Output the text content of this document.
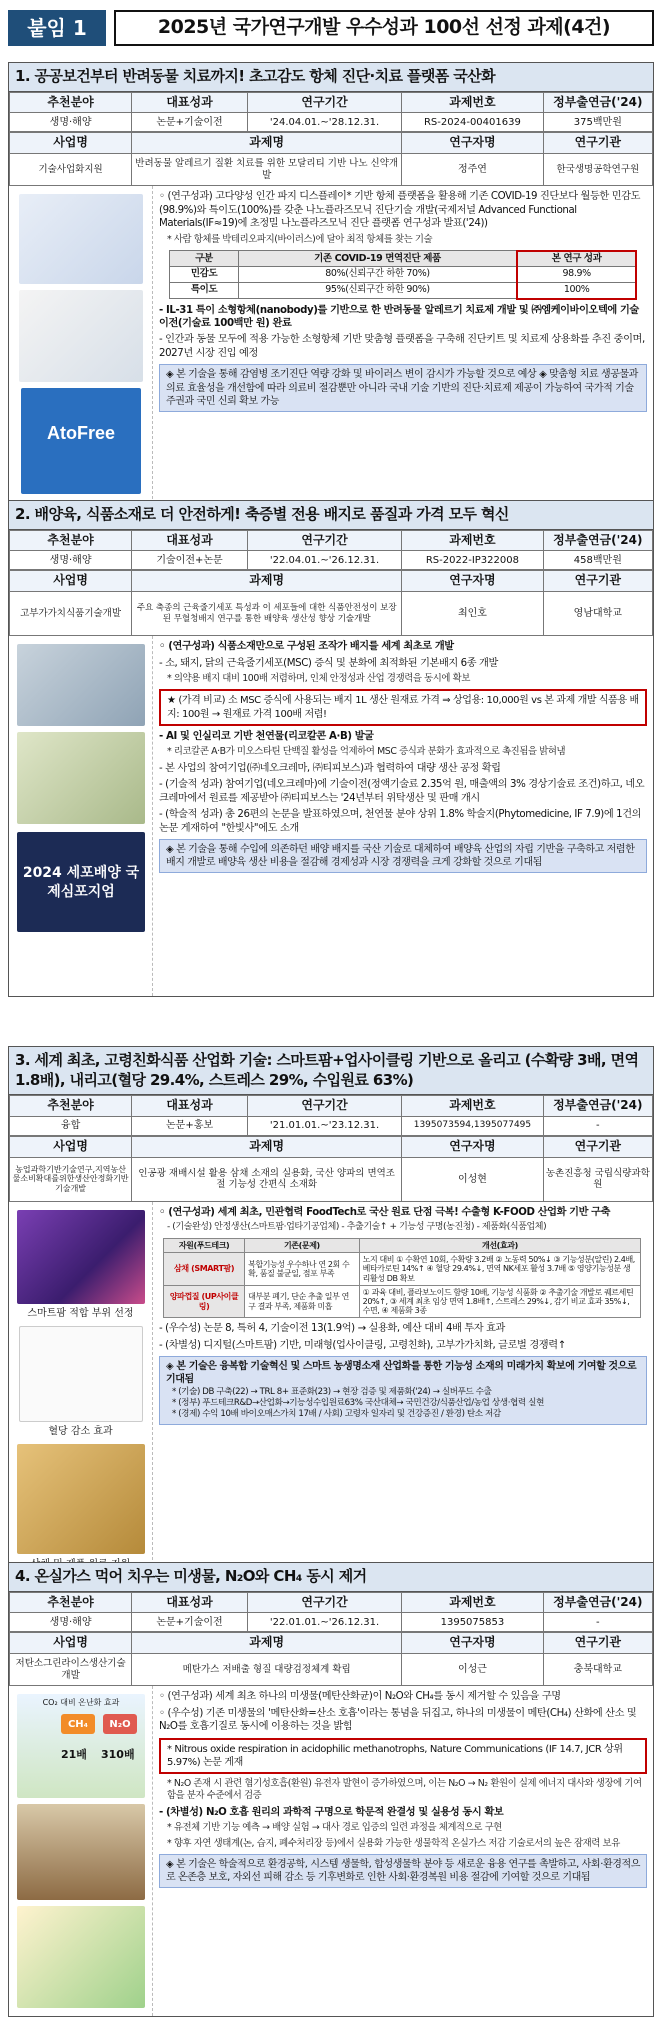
붙임 1	2025년 국가연구개발 우수성과 100선 선정 과제(4건)
1. 공공보건부터 반려동물 치료까지! 초고감도 항체 진단·치료 플랫폼 국산화
추천분야	대표성과	연구기간	과제번호	정부출연금('24)
생명·해양	논문+기술이전	'24.04.01.~'28.12.31.	RS-2024-00401639	375백만원
사업명	과제명	연구자명	연구기관
기술사업화지원	반려동물 알레르기 질환 치료를 위한 모달리티 기반 나노 신약개발	정주연	한국생명공학연구원
AtoFree

◦ (연구성과) 고다양성 인간 파지 디스플레이* 기반 항체 플랫폼을 활용해 기존 COVID-19 진단보다 월등한 민감도(98.9%)와 특이도(100%)를 갖춘 나노플라즈모닉 진단기술 개발(국제저널 Advanced Functional Materials(IF≈19)에 초정밀 나노플라즈모닉 진단 플랫폼 연구성과 발표('24))

* 사람 항체를 박테리오파지(바이러스)에 달아 최적 항체를 찾는 기술

구분	기존 COVID-19 면역진단 제품	본 연구 성과
민감도	80%(신뢰구간 하한 70%)	98.9%
특이도	95%(신뢰구간 하한 90%)	100%

- IL-31 특이 소형항체(nanobody)를 기반으로 한 반려동물 알레르기 치료제 개발 및 ㈜엠케이바이오텍에 기술이전(기술료 100백만 원) 완료

- 인간과 동물 모두에 적용 가능한 소형항체 기반 맞춤형 플랫폼을 구축해 진단키트 및 치료제 상용화를 추진 중이며, 2027년 시장 진입 예정

◈ 본 기술을 통해 감염병 조기진단 역량 강화 및 바이러스 변이 감시가 가능할 것으로 예상 ◈ 맞춤형 치료 생공물과 의료 효율성을 개선함에 따라 의료비 절감뿐만 아니라 국내 기술 기반의 진단·치료제 제공이 가능하여 국가적 기술 주권과 국민 신뢰 확보 가능
2. 배양육, 식품소재로 더 안전하게! 축증별 전용 배지로 품질과 가격 모두 혁신
추천분야	대표성과	연구기간	과제번호	정부출연금('24)
생명·해양	기술이전+논문	'22.04.01.~'26.12.31.	RS-2022-IP322008	458백만원
사업명	과제명	연구자명	연구기관
고부가가치식품기술개발	주요 축종의 근육줄기세포 특성과 이 세포들에 대한 식품안전성이 보장된 무혈청배지 연구를 통한 배양육 생산성 향상 기술개발	최인호	영남대학교
2024 세포배양 국제심포지엄

◦ (연구성과) 식품소재만으로 구성된 조작가 배지를 세계 최초로 개발

- 소, 돼지, 닭의 근육줄기세포(MSC) 증식 및 분화에 최적화된 기본배지 6종 개발

* 의약용 배지 대비 100배 저렴하며, 인체 안정성과 산업 경쟁력을 동시에 확보

★ (가격 비교) 소 MSC 증식에 사용되는 배지 1L 생산 원재료 가격 ⇒ 상업용: 10,000원 vs 본 과제 개발 식품용 배지: 100원 → 원재료 가격 100배 저렴!

- AI 및 인실리코 기반 천연물(리코칼콘 A·B) 발굴

* 리코칼콘 A·B가 미오스타틴 단백질 활성을 억제하여 MSC 증식과 분화가 효과적으로 촉진됨을 밝혀냄

- 본 사업의 참여기업(㈜네오크레마, ㈜티피보스)과 협력하여 대량 생산 공정 확립

- (기술적 성과) 참여기업(네오크레마)에 기술이전(정액기술료 2.35억 원, 매출액의 3% 경상기술료 조건)하고, 네오크레마에서 원료를 제공받아 ㈜티피보스는 '24년부터 위탁생산 및 판매 개시

- (학술적 성과) 총 26편의 논문을 발표하였으며, 천연물 분야 상위 1.8% 학술지(Phytomedicine, IF 7.9)에 1건의 논문 게재하여 "한빛사"에도 소개

◈ 본 기술을 통해 수입에 의존하던 배양 배지를 국산 기술로 대체하여 배양육 산업의 자립 기반을 구축하고 저렴한 배지 개발로 배양육 생산 비용을 절감해 경제성과 시장 경쟁력을 크게 강화할 것으로 기대됨
3. 세계 최초, 고령친화식품 산업화 기술: 스마트팜+업사이클링 기반으로 올리고 (수확량 3배, 면역 1.8배), 내리고(혈당 29.4%, 스트레스 29%, 수입원료 63%)
추천분야	대표성과	연구기간	과제번호	정부출연금('24)
융합	논문+홍보	'21.01.01.~'23.12.31.	1395073594,1395077495	-
사업명	과제명	연구자명	연구기관
농업과학기반기술연구,지역농산물소비확대를위한생산안정화기반기술개발	인공광 재배시설 활용 삼채 소재의 실용화, 국산 양파의 면역조절 기능성 간편식 소재화	이성현	농촌진흥청 국립식량과학원
스마트팜 적합 부위 선정
혈당 감소 효과

◦ (연구성과) 세계 최초, 민관협력 FoodTech로 국산 원료 단점 극복! 수출형 K-FOOD 산업화 기반 구축

- (기술완성) 안정생산(스마트팜·업타기공업체) - 추출기술↑ + 기능성 구명(농진청) - 제품화(식품업체)

자원(푸드테크)	기존(문제)	개선(효과)
삼채 (SMART팜)	복합기능성 우수하나 연 2회 수확, 품질 불균일, 점포 부족	노지 대비 ① 수확연 10회, 수확량 3.2배 ② 노동력 50%↓ ③ 기능성분(알린) 2.4배, 베타카로틴 14%↑ ④ 혈당 29.4%↓, 면역 NK세포 활성 3.7배 ⑤ 영양기능성분 생리활성 DB 확보
양파껍질 (UP사이클링)	대부분 폐기, 단순 추출 일부 연구 결과 부족, 제품화 미흡	① 과육 대비, 플라보노이드 함량 10배, 기능성 식품화 ② 추출기술 개발로 퀘르세틴 20%↑, ③ 세계 최초 임상 면역 1.8배↑, 스트레스 29%↓, 감기 비교 효과 35%↓, 수면, ④ 제품화 3종

- (우수성) 논문 8, 특허 4, 기술이전 13(1.9억) → 실용화, 예산 대비 4배 투자 효과

- (차별성) 디지털(스마트팜) 기반, 미래형(업사이클링, 고령친화), 고부가가치화, 글로벌 경쟁력↑

◈ 본 기술은 융복합 기술혁신 및 스마트 농생명소재 산업화를 통한 기능성 소재의 미래가치 확보에 기여할 것으로 기대됨
* (기술) DB 구축(22) → TRL 8+ 표준화(23) → 현장 검증 및 제품화('24) → 실버푸드 수출
* (정부) 푸드테크R&D→산업화→기능성수입원료63% 국산대체→ 국민건강/식품산업/농업 상생·협력 실현
* (경제) 수익 10배 바이오매스가치 17배 / 사회) 고령자 일자리 및 건강증진 / 환경) 탄소 저감
4. 온실가스 먹어 치우는 미생물, N₂O와 CH₄ 동시 제거
추천분야	대표성과	연구기간	과제번호	정부출연금('24)
생명·해양	논문+기술이전	'22.01.01.~'26.12.31.	1395075853	-
사업명	과제명	연구자명	연구기관
저탄소그린라이스생산기술개발	메탄가스 저배출 형질 대량검정체계 확립	이성근	충북대학교
CO₂ 대비 온난화 효과
CH₄	N₂O
21배 310배

◦ (연구성과) 세계 최초 하나의 미생물(메탄산화균)이 N₂O와 CH₄를 동시 제거할 수 있음을 구명

◦ (우수성) 기존 미생물의 '메탄산화=산소 호흡'이라는 통념을 뒤집고, 하나의 미생물이 메탄(CH₄) 산화에 산소 및 N₂O를 호흡기질로 동시에 이용하는 것을 밝힘

* Nitrous oxide respiration in acidophilic methanotrophs, Nature Communications (IF 14.7, JCR 상위 5.97%) 논문 게재

* N₂O 존재 시 관련 혐기성호흡(환원) 유전자 발현이 증가하였으며, 이는 N₂O → N₂ 환원이 실제 에너지 대사와 생장에 기여함을 분자 수준에서 검증

- (차별성) N₂O 호흡 원리의 과학적 구명으로 학문적 완결성 및 실용성 동시 확보

* 유전체 기반 기능 예측 → 배양 실험 → 대사 경로 입증의 일련 과정을 체계적으로 구현

* 향후 자연 생태계(논, 습지, 폐수처리장 등)에서 실용화 가능한 생물학적 온실가스 저감 기술로서의 높은 잠재력 보유

◈ 본 기술은 학술적으로 환경공학, 시스템 생물학, 합성생물학 분야 등 새로운 융용 연구를 촉발하고, 사회·환경적으로 온존층 보호, 자외선 피해 감소 등 기후변화로 인한 사회·환경복원 비용 절감에 기여할 것으로 기대됨
